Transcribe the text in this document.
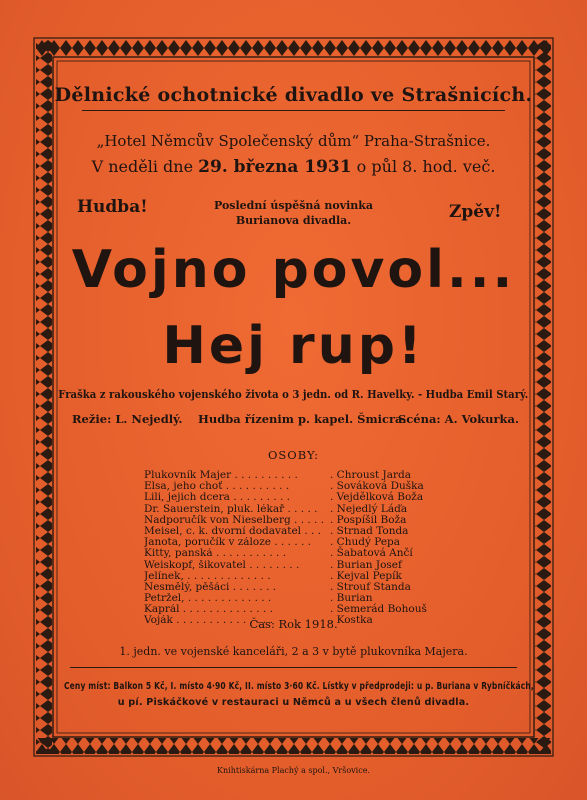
Dělnické ochotnické divadlo ve Strašnicích.
„Hotel Němcův Společenský dům“ Praha-Strašnice.
V neděli dne 29. března 1931 o půl 8. hod. več.
Hudba!	Zpěv!
Poslední úspěšná novinka
Burianova divadla.
Vojno povol...
Hej rup!
Fraška z rakouského vojenského života o 3 jedn. od R. Havelky. - Hudba Emil Starý.
Režie: L. Nejedlý. Hudba řízenim p. kapel. Šmicra.
Scéna: A. Vokurka.
OSOBY:
Plukovník Majer . . . . . . . . . .	. Chroust Jarda
Elsa, jeho choť . . . . . . . . . .	. Sováková Duška
Lili, jejich dcera . . . . . . . . .	. Vejdělková Boža
Dr. Sauerstein, pluk. lékař . . . . .	. Nejedlý Láďa
Nadporučík von Nieselberg . . . . . . Pospíšil Boža
Meisel, c. k. dvorní dodavatel . . . . Strnad Tonda
Janota, poručík v záloze . . . . . .	. Chudý Pepa
Kitty, panská . . . . . . . . . . .	. Šabatová Ančí
Weiskopf, šikovatel . . . . . . . .	. Burian Josef
Jelínek, . . . . . . . . . . . . .	. Kejval Pepík
Nesmělý, pěšáci . . . . . . .	. Strouf Standa
Petržel, . . . . . . . . . . . . .	. Burian
Kaprál . . . . . . . . . . . . . .	. Semerád Bohouš
Voják . . . . . . . . . . . . . . .	. Kostka
Čas: Rok 1918.
1. jedn. ve vojenské kanceláři, 2 a 3 v bytě plukovníka Majera.
Ceny míst: Balkon 5 Kč, I. místo 4·90 Kč, II. místo 3·60 Kč. Lístky v předprodeji: u p. Buriana v Rybníčkách,
u pí. Piskáčkové v restauraci u Němců a u všech členů divadla.
Knihtiskárna Plachý a spol., Vršovice.
